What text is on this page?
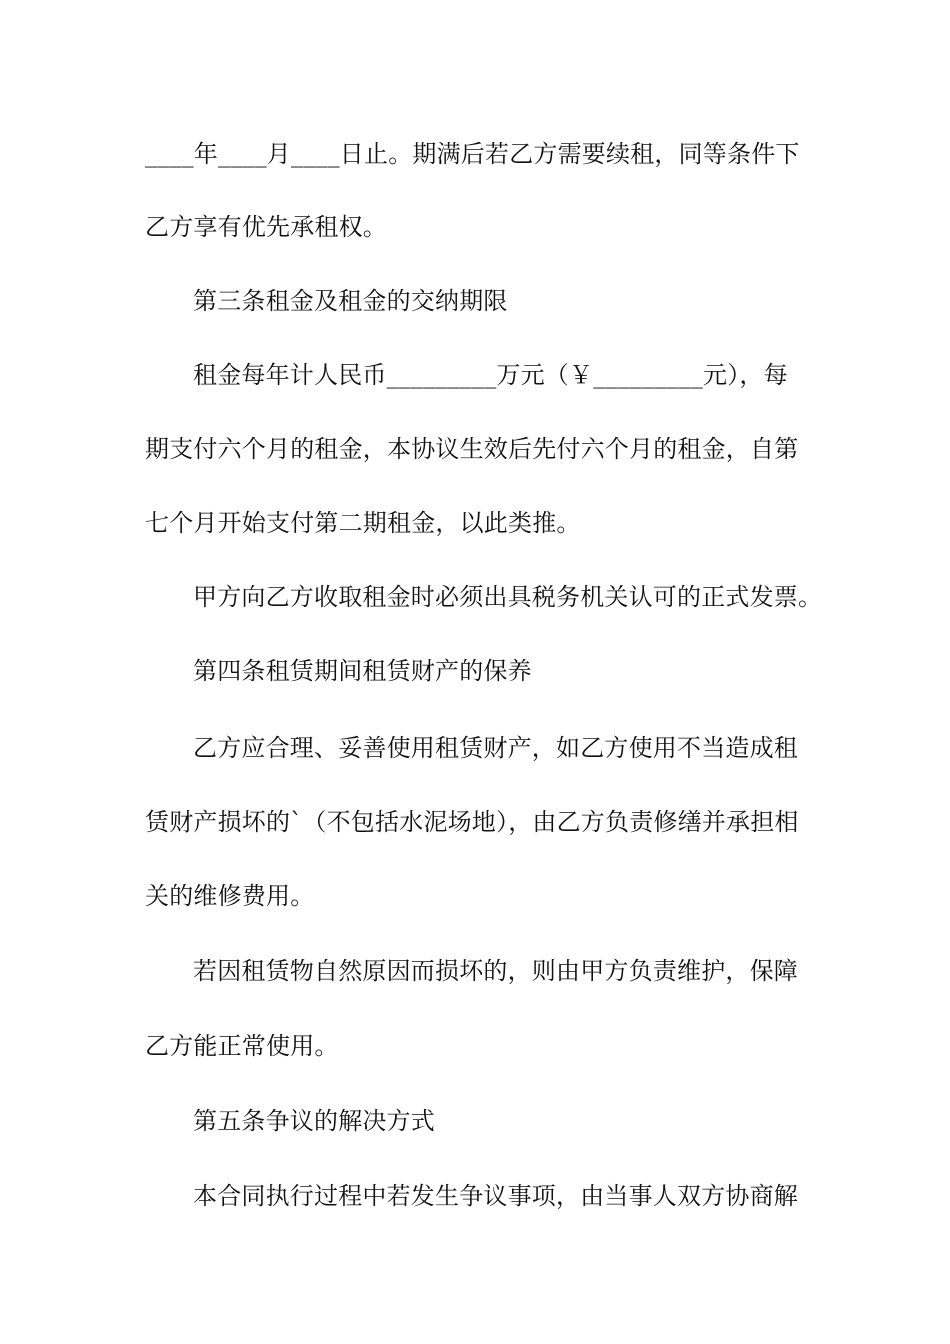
____年____月____日止。期满后若乙方需要续租，同等条件下
乙方享有优先承租权。
第三条租金及租金的交纳期限
租金每年计人民币_________万元（￥_________元），每
期支付六个月的租金，本协议生效后先付六个月的租金，自第
七个月开始支付第二期租金，以此类推。
甲方向乙方收取租金时必须出具税务机关认可的正式发票。
第四条租赁期间租赁财产的保养
乙方应合理、妥善使用租赁财产，如乙方使用不当造成租
赁财产损坏的`（不包括水泥场地），由乙方负责修缮并承担相
关的维修费用。
若因租赁物自然原因而损坏的，则由甲方负责维护，保障
乙方能正常使用。
第五条争议的解决方式
本合同执行过程中若发生争议事项，由当事人双方协商解
